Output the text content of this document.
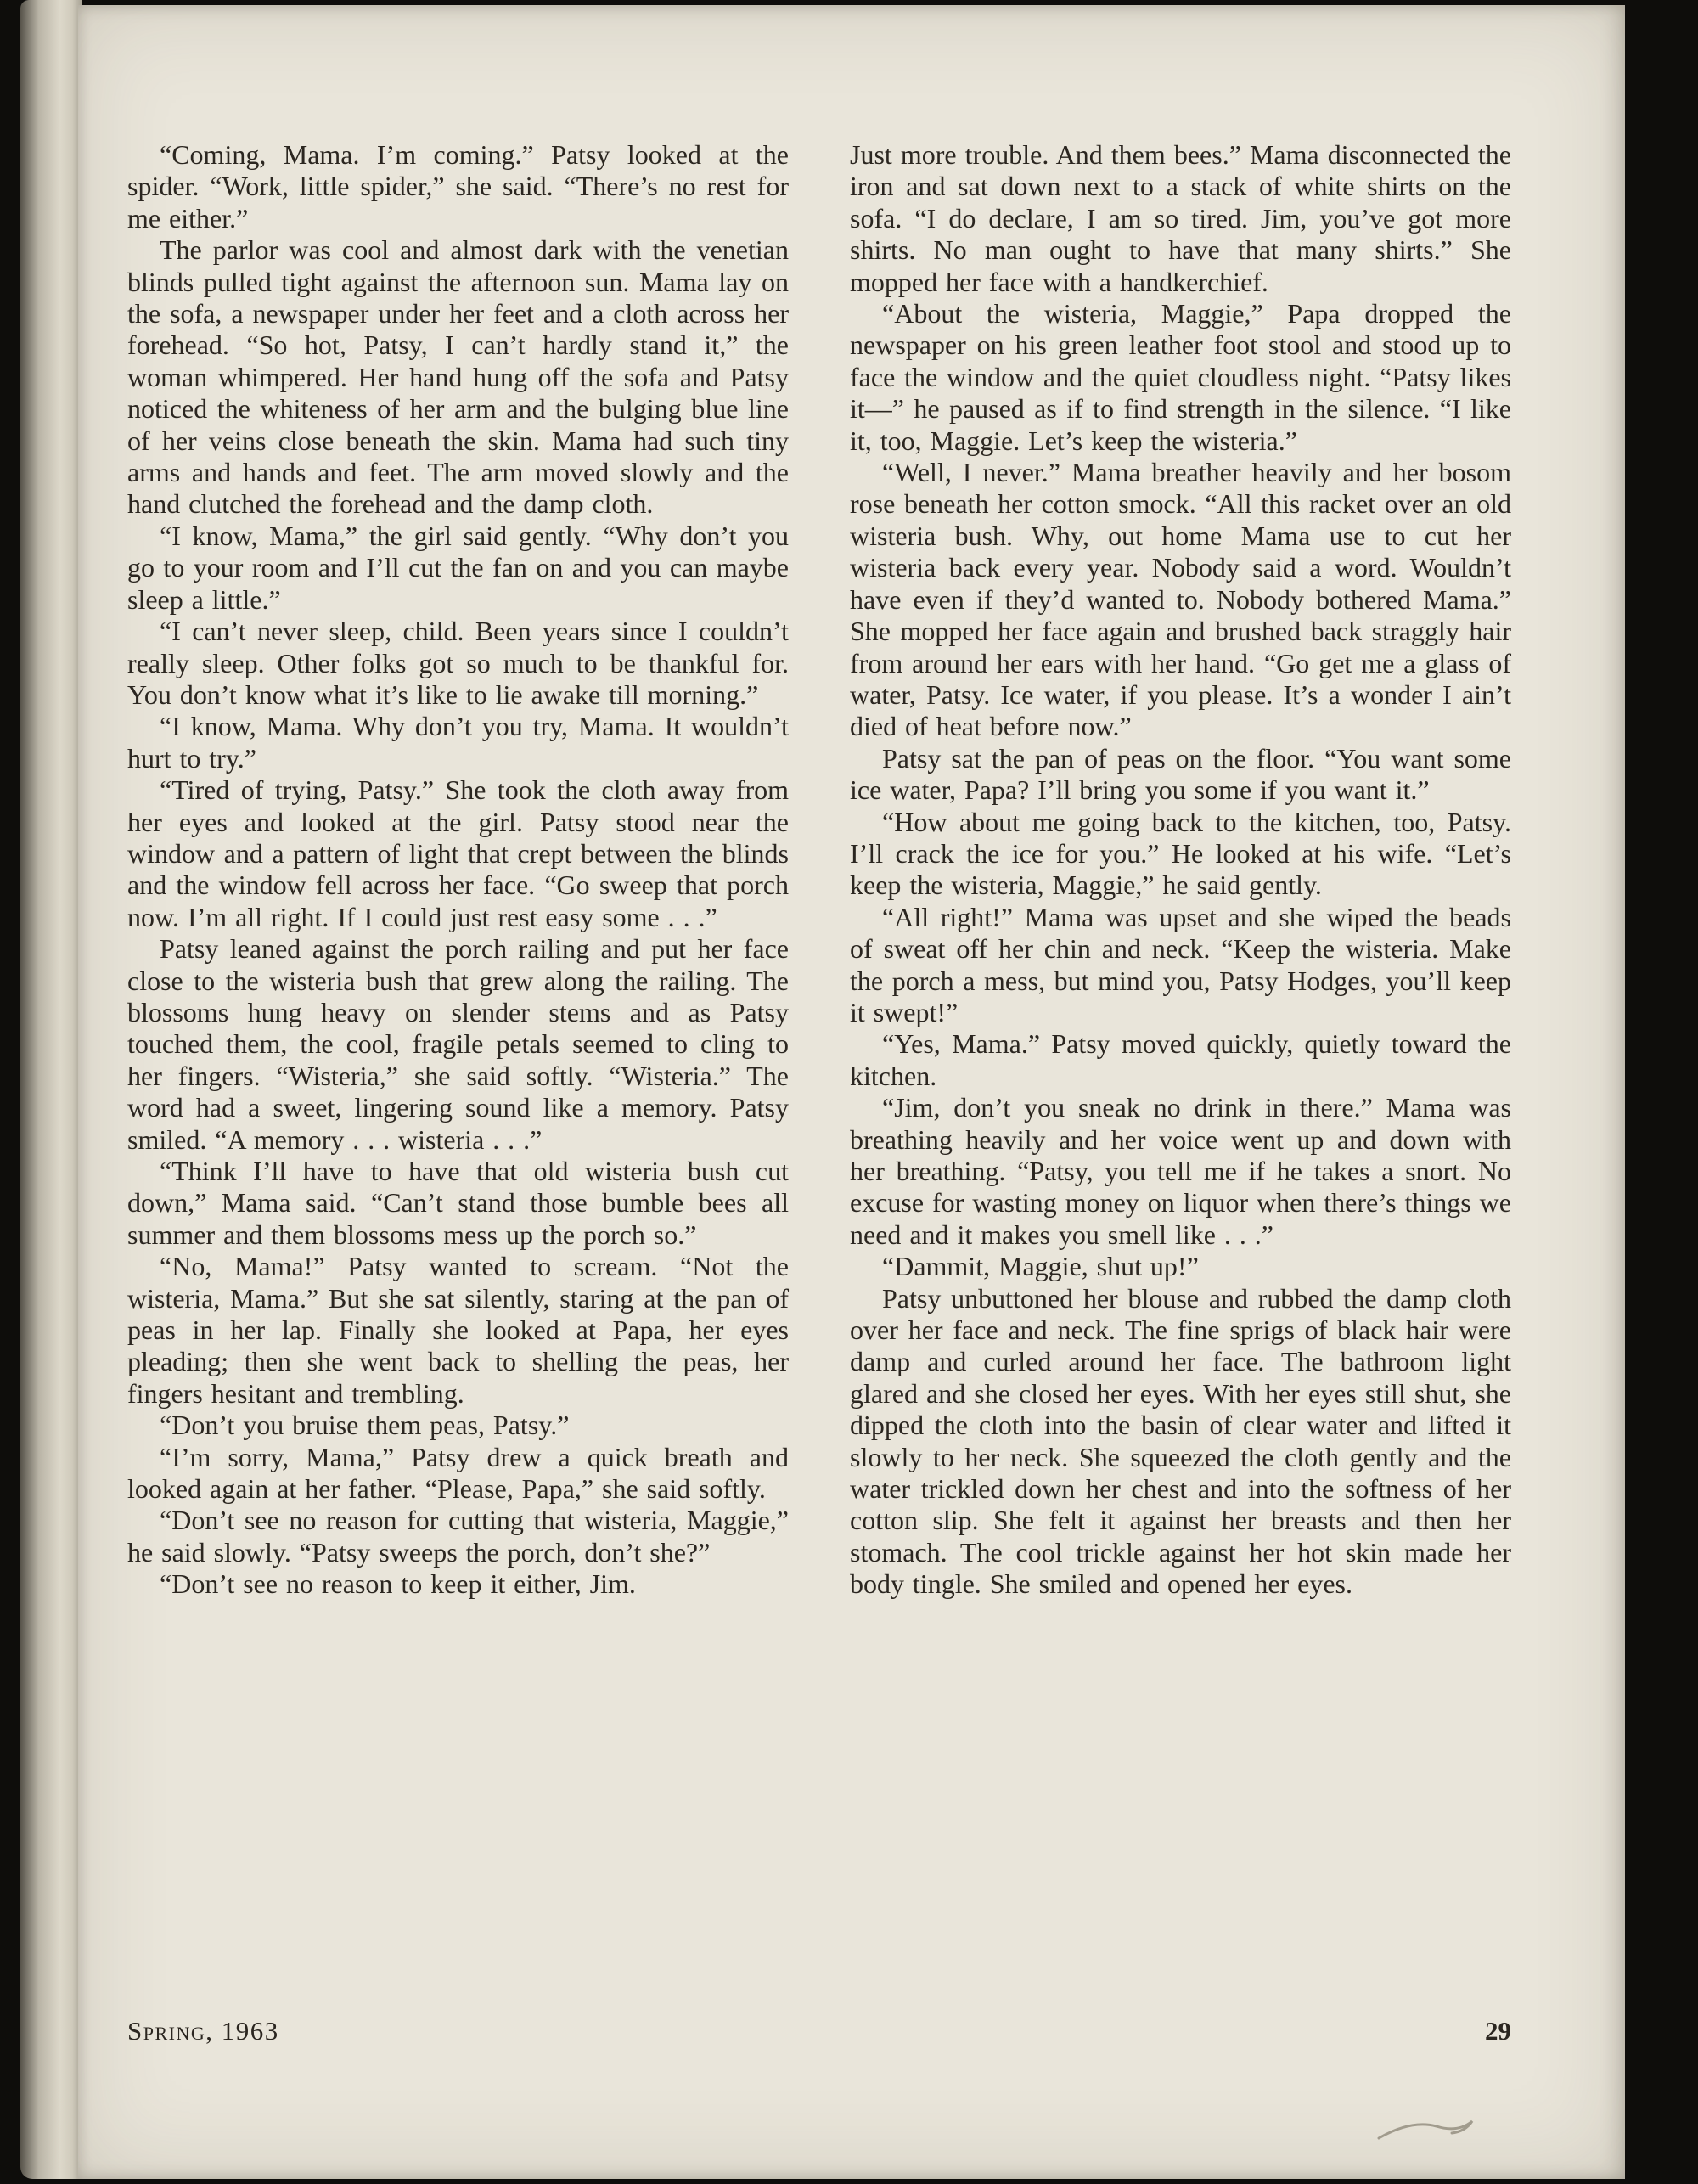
“Coming, Mama. I’m coming.” Patsy looked at the spider. “Work, little spider,” she said. “There’s no rest for me either.”

The parlor was cool and almost dark with the venetian blinds pulled tight against the afternoon sun. Mama lay on the sofa, a newspaper under her feet and a cloth across her forehead. “So hot, Patsy, I can’t hardly stand it,” the woman whimpered. Her hand hung off the sofa and Patsy noticed the whiteness of her arm and the bulging blue line of her veins close beneath the skin. Mama had such tiny arms and hands and feet. The arm moved slowly and the hand clutched the forehead and the damp cloth.

“I know, Mama,” the girl said gently. “Why don’t you go to your room and I’ll cut the fan on and you can maybe sleep a little.”

“I can’t never sleep, child. Been years since I couldn’t really sleep. Other folks got so much to be thankful for. You don’t know what it’s like to lie awake till morning.”

“I know, Mama. Why don’t you try, Mama. It wouldn’t hurt to try.”

“Tired of trying, Patsy.” She took the cloth away from her eyes and looked at the girl. Patsy stood near the window and a pattern of light that crept between the blinds and the window fell across her face. “Go sweep that porch now. I’m all right. If I could just rest easy some . . .”

Patsy leaned against the porch railing and put her face close to the wisteria bush that grew along the railing. The blossoms hung heavy on slender stems and as Patsy touched them, the cool, fragile petals seemed to cling to her fingers. “Wisteria,” she said softly. “Wisteria.” The word had a sweet, lingering sound like a memory. Patsy smiled. “A memory . . . wisteria . . .”

“Think I’ll have to have that old wisteria bush cut down,” Mama said. “Can’t stand those bumble bees all summer and them blossoms mess up the porch so.”

“No, Mama!” Patsy wanted to scream. “Not the wisteria, Mama.” But she sat silently, staring at the pan of peas in her lap. Finally she looked at Papa, her eyes pleading; then she went back to shelling the peas, her fingers hesitant and trembling.

“Don’t you bruise them peas, Patsy.”

“I’m sorry, Mama,” Patsy drew a quick breath and looked again at her father. “Please, Papa,” she said softly.

“Don’t see no reason for cutting that wisteria, Maggie,” he said slowly. “Patsy sweeps the porch, don’t she?”

“Don’t see no reason to keep it either, Jim.

Just more trouble. And them bees.” Mama disconnected the iron and sat down next to a stack of white shirts on the sofa. “I do declare, I am so tired. Jim, you’ve got more shirts. No man ought to have that many shirts.” She mopped her face with a handkerchief.

“About the wisteria, Maggie,” Papa dropped the newspaper on his green leather foot stool and stood up to face the window and the quiet cloudless night. “Patsy likes it—” he paused as if to find strength in the silence. “I like it, too, Maggie. Let’s keep the wisteria.”

“Well, I never.” Mama breather heavily and her bosom rose beneath her cotton smock. “All this racket over an old wisteria bush. Why, out home Mama use to cut her wisteria back every year. Nobody said a word. Wouldn’t have even if they’d wanted to. Nobody bothered Mama.” She mopped her face again and brushed back straggly hair from around her ears with her hand. “Go get me a glass of water, Patsy. Ice water, if you please. It’s a wonder I ain’t died of heat before now.”

Patsy sat the pan of peas on the floor. “You want some ice water, Papa? I’ll bring you some if you want it.”

“How about me going back to the kitchen, too, Patsy. I’ll crack the ice for you.” He looked at his wife. “Let’s keep the wisteria, Maggie,” he said gently.

“All right!” Mama was upset and she wiped the beads of sweat off her chin and neck. “Keep the wisteria. Make the porch a mess, but mind you, Patsy Hodges, you’ll keep it swept!”

“Yes, Mama.” Patsy moved quickly, quietly toward the kitchen.

“Jim, don’t you sneak no drink in there.” Mama was breathing heavily and her voice went up and down with her breathing. “Patsy, you tell me if he takes a snort. No excuse for wasting money on liquor when there’s things we need and it makes you smell like . . .”

“Dammit, Maggie, shut up!”

Patsy unbuttoned her blouse and rubbed the damp cloth over her face and neck. The fine sprigs of black hair were damp and curled around her face. The bathroom light glared and she closed her eyes. With her eyes still shut, she dipped the cloth into the basin of clear water and lifted it slowly to her neck. She squeezed the cloth gently and the water trickled down her chest and into the softness of her cotton slip. She felt it against her breasts and then her stomach. The cool trickle against her hot skin made her body tingle. She smiled and opened her eyes.

Spring, 1963	29
